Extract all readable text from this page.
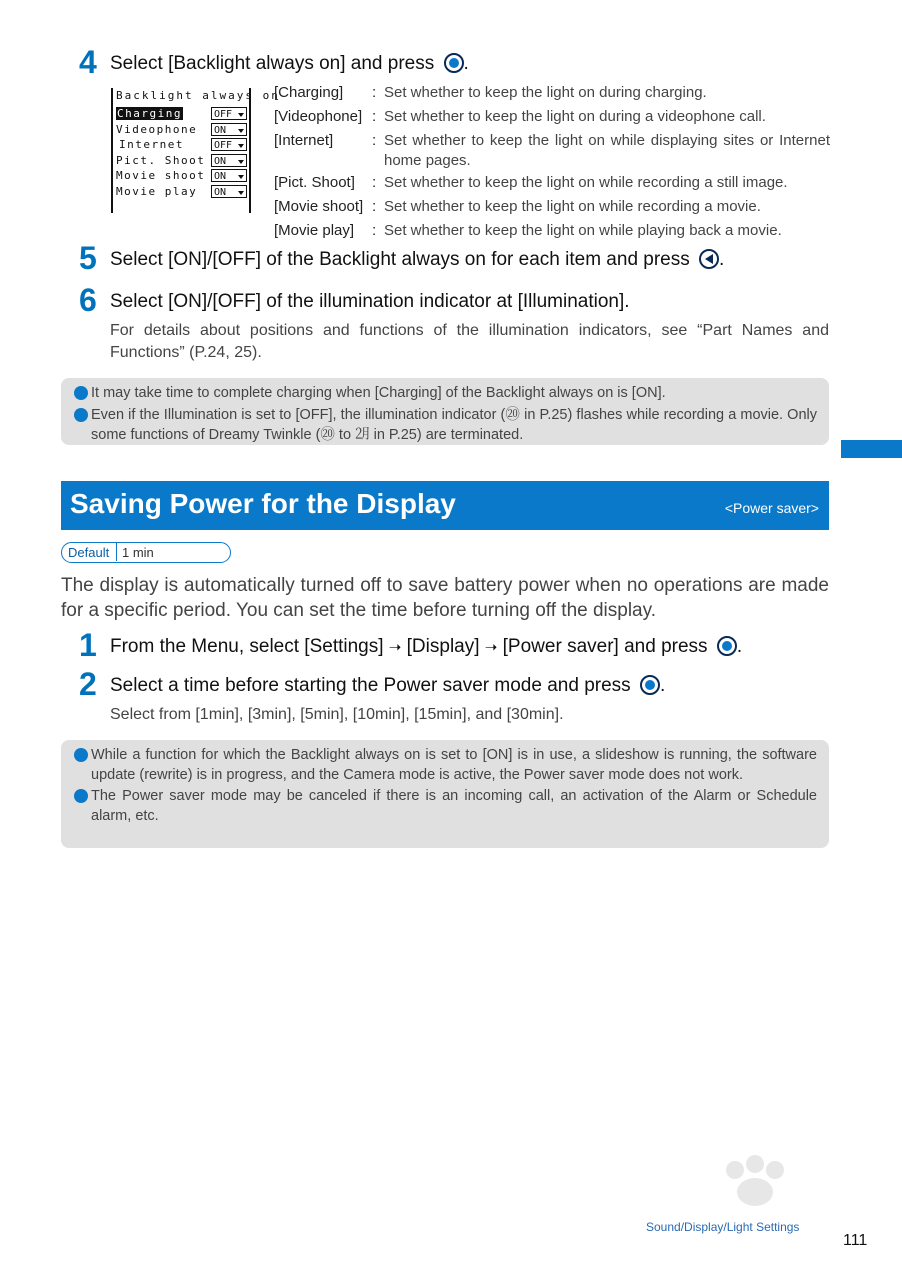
4 Select [Backlight always on] and press .
Backlight always on
Charging	OFF
Videophone	ON
Internet	OFF
Pict. Shoot ON
Movie shoot ON
Movie play	ON
[Charging] : Set whether to keep the light on during charging.
[Videophone] : Set whether to keep the light on during a videophone call.
[Internet]	: Set whether to keep the light on while displaying sites or Internet home pages.
[Pict. Shoot] : Set whether to keep the light on while recording a still image.
[Movie shoot] : Set whether to keep the light on while recording a movie.
[Movie play] : Set whether to keep the light on while playing back a movie.
5 Select [ON]/[OFF] of the Backlight always on for each item and press .
6 Select [ON]/[OFF] of the illumination indicator at [Illumination].
For details about positions and functions of the illumination indicators, see “Part Names and Functions” (P.24, 25).
It may take time to complete charging when [Charging] of the Backlight always on is [ON].
Even if the Illumination is set to [OFF], the illumination indicator (⑳ in P.25) flashes while recording a movie. Only some functions of Dreamy Twinkle (⑳ to ㋁ in P.25) are terminated.
Saving Power for the Display	<Power saver>
Default 1 min
The display is automatically turned off to save battery power when no operations are made for a specific period. You can set the time before turning off the display.
1 From the Menu, select [Settings] ➝ [Display] ➝ [Power saver] and press .
2 Select a time before starting the Power saver mode and press .
Select from [1min], [3min], [5min], [10min], [15min], and [30min].
While a function for which the Backlight always on is set to [ON] is in use, a slideshow is running, the software update (rewrite) is in progress, and the Camera mode is active, the Power saver mode does not work.
The Power saver mode may be canceled if there is an incoming call, an activation of the Alarm or Schedule alarm, etc.
Sound/Display/Light Settings
111
